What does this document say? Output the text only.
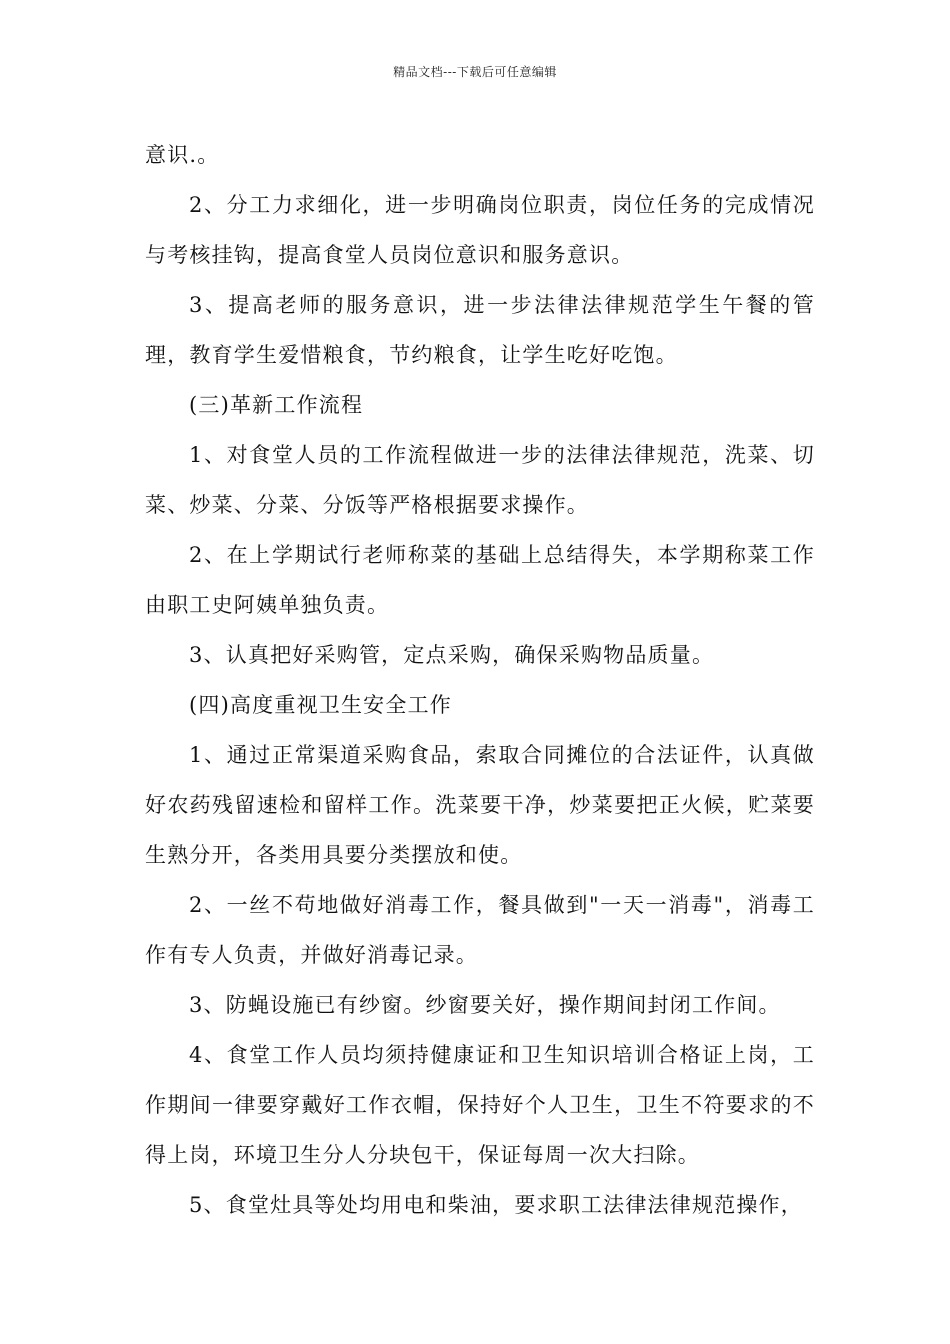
精品文档---下载后可任意编辑

意识.。

2、分工力求细化，进一步明确岗位职责，岗位任务的完成情况与考核挂钩，提高食堂人员岗位意识和服务意识。

3、提高老师的服务意识，进一步法律法律规范学生午餐的管理，教育学生爱惜粮食，节约粮食，让学生吃好吃饱。

(三)革新工作流程

1、对食堂人员的工作流程做进一步的法律法律规范，洗菜、切菜、炒菜、分菜、分饭等严格根据要求操作。

2、在上学期试行老师称菜的基础上总结得失，本学期称菜工作由职工史阿姨单独负责。

3、认真把好采购管，定点采购，确保采购物品质量。

(四)高度重视卫生安全工作

1、通过正常渠道采购食品，索取合同摊位的合法证件，认真做好农药残留速检和留样工作。洗菜要干净，炒菜要把正火候，贮菜要生熟分开，各类用具要分类摆放和使。

2、一丝不苟地做好消毒工作，餐具做到"一天一消毒"，消毒工作有专人负责，并做好消毒记录。

3、防蝇设施已有纱窗。纱窗要关好，操作期间封闭工作间。

4、食堂工作人员均须持健康证和卫生知识培训合格证上岗，工作期间一律要穿戴好工作衣帽，保持好个人卫生，卫生不符要求的不得上岗，环境卫生分人分块包干，保证每周一次大扫除。

5、食堂灶具等处均用电和柴油，要求职工法律法律规范操作，
